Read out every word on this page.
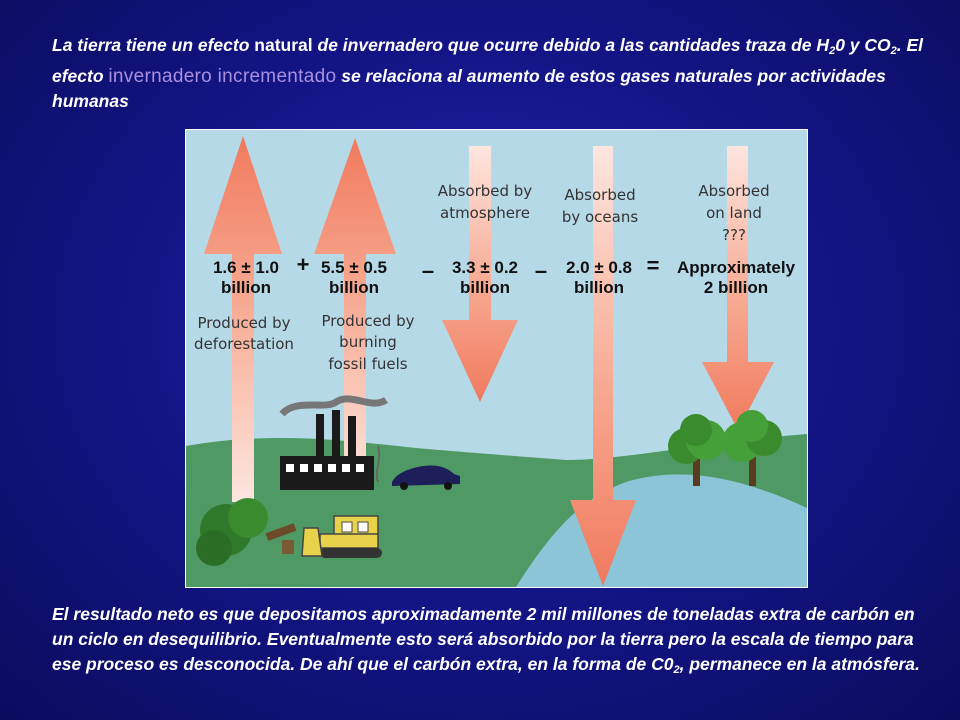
La tierra tiene un efecto natural de invernadero que ocurre debido a las cantidades traza de $H_20$ y $CO_2$. El efecto invernadero incrementado se relaciona al aumento de estos gases naturales por actividades humanas
1.6 ± 1.0
billion
+ 5.5 ± 0.5
billion
– 3.3 ± 0.2
billion
– 2.0 ± 0.8
billion
= Approximately
2 billion
Produced by
deforestation
Produced by
burning
fossil fuels
Absorbed by
atmosphere
Absorbed
by oceans
Absorbed
on land
???
El resultado neto es que depositamos aproximadamente 2 mil millones de toneladas extra de carbón en un ciclo en desequilibrio. Eventualmente esto será absorbido por la tierra pero la escala de tiempo para ese proceso es desconocida. De ahí que el carbón extra, en la forma de $C0_2$, permanece en la atmósfera.
